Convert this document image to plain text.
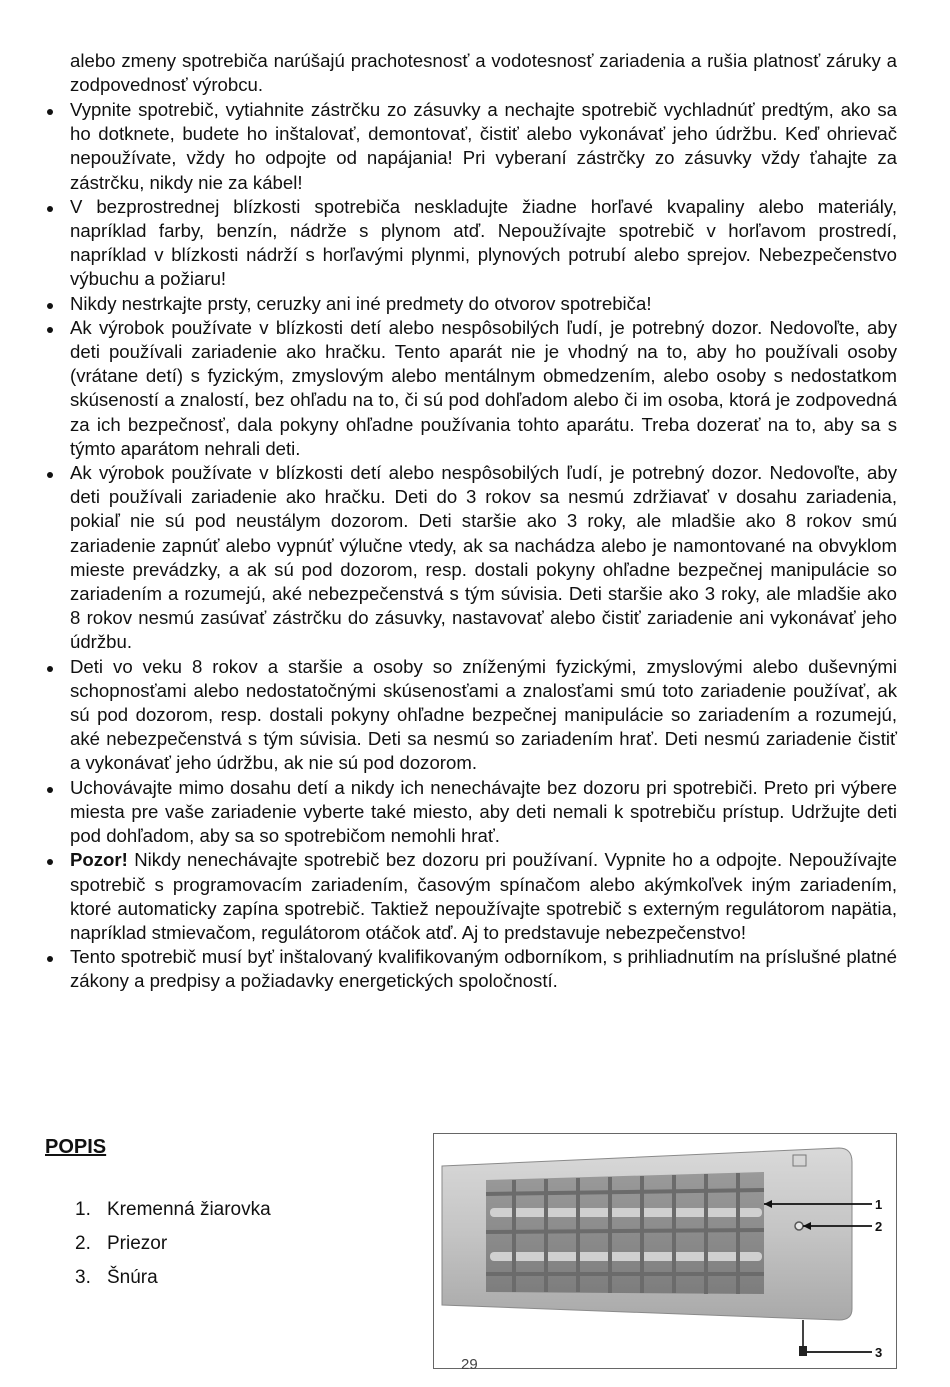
alebo zmeny spotrebiča narúšajú prachotesnosť a vodotesnosť zariadenia a rušia platnosť záruky a zodpovednosť výrobcu.

Vypnite spotrebič, vytiahnite zástrčku zo zásuvky a nechajte spotrebič vychladnúť predtým, ako sa ho dotknete, budete ho inštalovať, demontovať, čistiť alebo vykonávať jeho údržbu. Keď ohrievač nepoužívate, vždy ho odpojte od napájania! Pri vyberaní zástrčky zo zásuvky vždy ťahajte za zástrčku, nikdy nie za kábel!
V bezprostrednej blízkosti spotrebiča neskladujte žiadne horľavé kvapaliny alebo materiály, napríklad farby, benzín, nádrže s plynom atď. Nepoužívajte spotrebič v horľavom prostredí, napríklad v blízkosti nádrží s horľavými plynmi, plynových potrubí alebo sprejov. Nebezpečenstvo výbuchu a požiaru!
Nikdy nestrkajte prsty, ceruzky ani iné predmety do otvorov spotrebiča!
Ak výrobok používate v blízkosti detí alebo nespôsobilých ľudí, je potrebný dozor. Nedovoľte, aby deti používali zariadenie ako hračku. Tento aparát nie je vhodný na to, aby ho používali osoby (vrátane detí) s fyzickým, zmyslovým alebo mentálnym obmedzením, alebo osoby s nedostatkom skúseností a znalostí, bez ohľadu na to, či sú pod dohľadom alebo či im osoba, ktorá je zodpovedná za ich bezpečnosť, dala pokyny ohľadne používania tohto aparátu. Treba dozerať na to, aby sa s týmto aparátom nehrali deti.
Ak výrobok používate v blízkosti detí alebo nespôsobilých ľudí, je potrebný dozor. Nedovoľte, aby deti používali zariadenie ako hračku. Deti do 3 rokov sa nesmú zdržiavať v dosahu zariadenia, pokiaľ nie sú pod neustálym dozorom. Deti staršie ako 3 roky, ale mladšie ako 8 rokov smú zariadenie zapnúť alebo vypnúť výlučne vtedy, ak sa nachádza alebo je namontované na obvyklom mieste prevádzky, a ak sú pod dozorom, resp. dostali pokyny ohľadne bezpečnej manipulácie so zariadením a rozumejú, aké nebezpečenstvá s tým súvisia. Deti staršie ako 3 roky, ale mladšie ako 8 rokov nesmú zasúvať zástrčku do zásuvky, nastavovať alebo čistiť zariadenie ani vykonávať jeho údržbu.
Deti vo veku 8 rokov a staršie a osoby so zníženými fyzickými, zmyslovými alebo duševnými schopnosťami alebo nedostatočnými skúsenosťami a znalosťami smú toto zariadenie používať, ak sú pod dozorom, resp. dostali pokyny ohľadne bezpečnej manipulácie so zariadením a rozumejú, aké nebezpečenstvá s tým súvisia. Deti sa nesmú so zariadením hrať. Deti nesmú zariadenie čistiť a vykonávať jeho údržbu, ak nie sú pod dozorom.
Uchovávajte mimo dosahu detí a nikdy ich nenechávajte bez dozoru pri spotrebiči. Preto pri výbere miesta pre vaše zariadenie vyberte také miesto, aby deti nemali k spotrebiču prístup. Udržujte deti pod dohľadom, aby sa so spotrebičom nemohli hrať.
Pozor! Nikdy nenechávajte spotrebič bez dozoru pri používaní. Vypnite ho a odpojte. Nepoužívajte spotrebič s programovacím zariadením, časovým spínačom alebo akýmkoľvek iným zariadením, ktoré automaticky zapína spotrebič. Taktiež nepoužívajte spotrebič s externým regulátorom napätia, napríklad stmievačom, regulátorom otáčok atď. Aj to predstavuje nebezpečenstvo!
Tento spotrebič musí byť inštalovaný kvalifikovaným odborníkom, s prihliadnutím na príslušné platné zákony a predpisy a požiadavky energetických spoločností.
POPIS
1. Kremenná žiarovka
2. Priezor
3. Šnúra
1
2
3

29
